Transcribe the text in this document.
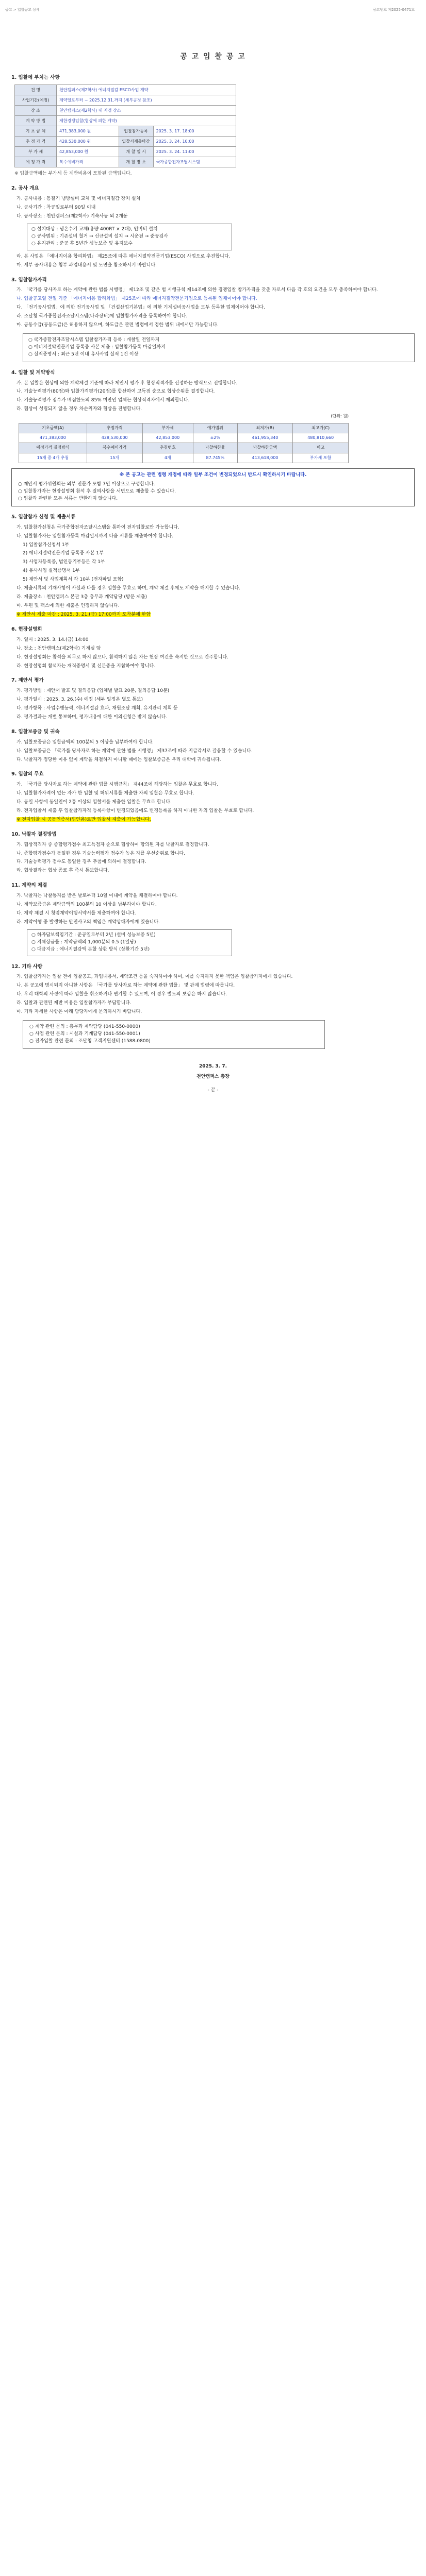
공고 > 입찰공고 상세	공고번호 제2025-0471호
공 고 입 찰 공 고
1. 입찰에 부치는 사항
건 명	천안캠퍼스(제2학사) 에너지절감 ESCO사업 계약		
사업기간(예정)	계약일로부터 ~ 2025.12.31.까지 (세부공정 참조)		
장 소	천안캠퍼스(제2학사) 내 지정 장소		
계 약 방 법	제한경쟁입찰(협상에 의한 계약)		
기 초 금 액	471,383,000 원	입찰참가등록	2025. 3. 17. 18:00
추 정 가 격	428,530,000 원	입찰서제출마감	2025. 3. 24. 10:00
부 가 세	42,853,000 원	개 찰 일 시	2025. 3. 24. 11:00
예 정 가 격	복수예비가격	개 찰 장 소	국가종합전자조달시스템
※ 입찰금액에는 부가세 등 제반비용이 포함된 금액입니다.
2. 공사 개요
가. 공사내용 : 동절기 냉방설비 교체 및 에너지절감 장치 설치
나. 공사기간 : 착공일로부터 90일 이내
다. 공사장소 : 천안캠퍼스(제2학사) 기숙사동 외 2개동
○ 설치대상 : 냉온수기 교체(용량 400RT × 2대), 인버터 설치
○ 공사범위 : 기존설비 철거 → 신규설비 설치 → 시운전 → 준공검사
○ 유지관리 : 준공 후 5년간 성능보증 및 유지보수
라. 본 사업은 「에너지이용 합리화법」 제25조에 따른 에너지절약전문기업(ESCO) 사업으로 추진합니다.
마. 세부 공사내용은 첨부 과업내용서 및 도면을 참조하시기 바랍니다.
3. 입찰참가자격
가. 「국가를 당사자로 하는 계약에 관한 법률 시행령」 제12조 및 같은 법 시행규칙 제14조에 의한 경쟁입찰 참가자격을 갖춘 자로서 다음 각 호의 요건을 모두 충족하여야 합니다.
나. 입찰공고일 전일 기준 「에너지이용 합리화법」 제25조에 따라 에너지절약전문기업으로 등록된 업체이어야 합니다.
다. 「전기공사업법」에 의한 전기공사업 및 「건설산업기본법」에 의한 기계설비공사업을 모두 등록한 업체이어야 합니다.
라. 조달청 국가종합전자조달시스템(나라장터)에 입찰참가자격을 등록하여야 합니다.
마. 공동수급(공동도급)은 허용하지 않으며, 하도급은 관련 법령에서 정한 범위 내에서만 가능합니다.
○ 국가종합전자조달시스템 입찰참가자격 등록 : 개찰일 전일까지
○ 에너지절약전문기업 등록증 사본 제출 : 입찰참가등록 마감일까지
○ 실적증명서 : 최근 5년 이내 유사사업 실적 1건 이상
4. 입찰 및 계약방식
가. 본 입찰은 협상에 의한 계약체결 기준에 따라 제안서 평가 후 협상적격자를 선정하는 방식으로 진행합니다.
나. 기술능력평가(80점)와 입찰가격평가(20점)를 합산하여 고득점 순으로 협상순위를 결정합니다.
다. 기술능력평가 점수가 배점한도의 85% 미만인 업체는 협상적격자에서 제외합니다.
라. 협상이 성립되지 않을 경우 차순위자와 협상을 진행합니다.
(단위: 원)
기초금액(A)	추정가격	부가세	예가범위	최저가(B)	최고가(C)
471,383,000	428,530,000	42,853,000	±2%	461,955,340	480,810,660
예정가격 결정방식	복수예비가격	추첨번호	낙찰하한율	낙찰하한금액	비고
15개 중 4개 추첨	15개	4개	87.745%	413,618,000	부가세 포함
※ 본 공고는 관련 법령 개정에 따라 일부 조건이 변경되었으니 반드시 확인하시기 바랍니다.
○ 제안서 평가위원회는 외부 전문가 포함 7인 이상으로 구성합니다.
○ 입찰참가자는 현장설명회 참석 후 질의사항을 서면으로 제출할 수 있습니다.
○ 입찰과 관련한 모든 서류는 반환하지 않습니다.
5. 입찰참가 신청 및 제출서류
가. 입찰참가신청은 국가종합전자조달시스템을 통하여 전자입찰로만 가능합니다.
나. 입찰참가자는 입찰참가등록 마감일시까지 다음 서류를 제출하여야 합니다.
1) 입찰참가신청서 1부
2) 에너지절약전문기업 등록증 사본 1부
3) 사업자등록증, 법인등기부등본 각 1부
4) 유사사업 실적증명서 1부
5) 제안서 및 사업계획서 각 10부 (전자파일 포함)
다. 제출서류의 기재사항이 사실과 다를 경우 입찰을 무효로 하며, 계약 체결 후에도 계약을 해지할 수 있습니다.
라. 제출장소 : 천안캠퍼스 본관 3층 총무과 계약담당 (방문 제출)
마. 우편 및 팩스에 의한 제출은 인정하지 않습니다.
※ 제안서 제출 마감 : 2025. 3. 21.(금) 17:00까지 도착분에 한함
6. 현장설명회
가. 일시 : 2025. 3. 14.(금) 14:00
나. 장소 : 천안캠퍼스(제2학사) 기계실 앞
다. 현장설명회는 참석을 의무로 하지 않으나, 참석하지 않은 자는 현장 여건을 숙지한 것으로 간주합니다.
라. 현장설명회 참석자는 재직증명서 및 신분증을 지참하여야 합니다.
7. 제안서 평가
가. 평가방법 : 제안서 발표 및 질의응답 (업체별 발표 20분, 질의응답 10분)
나. 평가일시 : 2025. 3. 26.(수) 예정 (세부 일정은 별도 통보)
다. 평가항목 : 사업수행능력, 에너지절감 효과, 재원조달 계획, 유지관리 계획 등
라. 평가결과는 개별 통보하며, 평가내용에 대한 이의신청은 받지 않습니다.
8. 입찰보증금 및 귀속
가. 입찰보증금은 입찰금액의 100분의 5 이상을 납부하여야 합니다.
나. 입찰보증금은 「국가를 당사자로 하는 계약에 관한 법률 시행령」 제37조에 따라 지급각서로 갈음할 수 있습니다.
다. 낙찰자가 정당한 이유 없이 계약을 체결하지 아니할 때에는 입찰보증금은 우리 대학에 귀속됩니다.
9. 입찰의 무효
가. 「국가를 당사자로 하는 계약에 관한 법률 시행규칙」 제44조에 해당하는 입찰은 무효로 합니다.
나. 입찰참가자격이 없는 자가 한 입찰 및 허위서류를 제출한 자의 입찰은 무효로 합니다.
다. 동일 사항에 동일인이 2통 이상의 입찰서를 제출한 입찰은 무효로 합니다.
라. 전자입찰서 제출 후 입찰참가자격 등록사항이 변경되었음에도 변경등록을 하지 아니한 자의 입찰은 무효로 합니다.
※ 전자입찰 시 공동인증서(법인용)로만 입찰서 제출이 가능합니다.
10. 낙찰자 결정방법
가. 협상적격자 중 종합평가점수 최고득점자 순으로 협상하여 합의된 자를 낙찰자로 결정합니다.
나. 종합평가점수가 동일한 경우 기술능력평가 점수가 높은 자를 우선순위로 합니다.
다. 기술능력평가 점수도 동일한 경우 추첨에 의하여 결정합니다.
라. 협상결과는 협상 종료 후 즉시 통보합니다.
11. 계약의 체결
가. 낙찰자는 낙찰통지를 받은 날로부터 10일 이내에 계약을 체결하여야 합니다.
나. 계약보증금은 계약금액의 100분의 10 이상을 납부하여야 합니다.
다. 계약 체결 시 청렴계약이행서약서를 제출하여야 합니다.
라. 계약이행 중 발생하는 안전사고의 책임은 계약상대자에게 있습니다.
○ 하자담보책임기간 : 준공일로부터 2년 (설비 성능보증 5년)
○ 지체상금률 : 계약금액의 1,000분의 0.5 (1일당)
○ 대금지급 : 에너지절감액 분할 상환 방식 (상환기간 5년)
12. 기타 사항
가. 입찰참가자는 입찰 전에 입찰공고, 과업내용서, 계약조건 등을 숙지하여야 하며, 이를 숙지하지 못한 책임은 입찰참가자에게 있습니다.
나. 본 공고에 명시되지 아니한 사항은 「국가를 당사자로 하는 계약에 관한 법률」 및 관계 법령에 따릅니다.
다. 우리 대학의 사정에 따라 입찰을 취소하거나 연기할 수 있으며, 이 경우 별도의 보상은 하지 않습니다.
라. 입찰과 관련된 제반 비용은 입찰참가자가 부담합니다.
마. 기타 자세한 사항은 아래 담당자에게 문의하시기 바랍니다.
○ 계약 관련 문의 : 총무과 계약담당 (041-550-0000)
○ 사업 관련 문의 : 시설과 기계담당 (041-550-0001)
○ 전자입찰 관련 문의 : 조달청 고객지원센터 (1588-0800)
2025. 3. 7.
천안캠퍼스 총장
- 끝 -
